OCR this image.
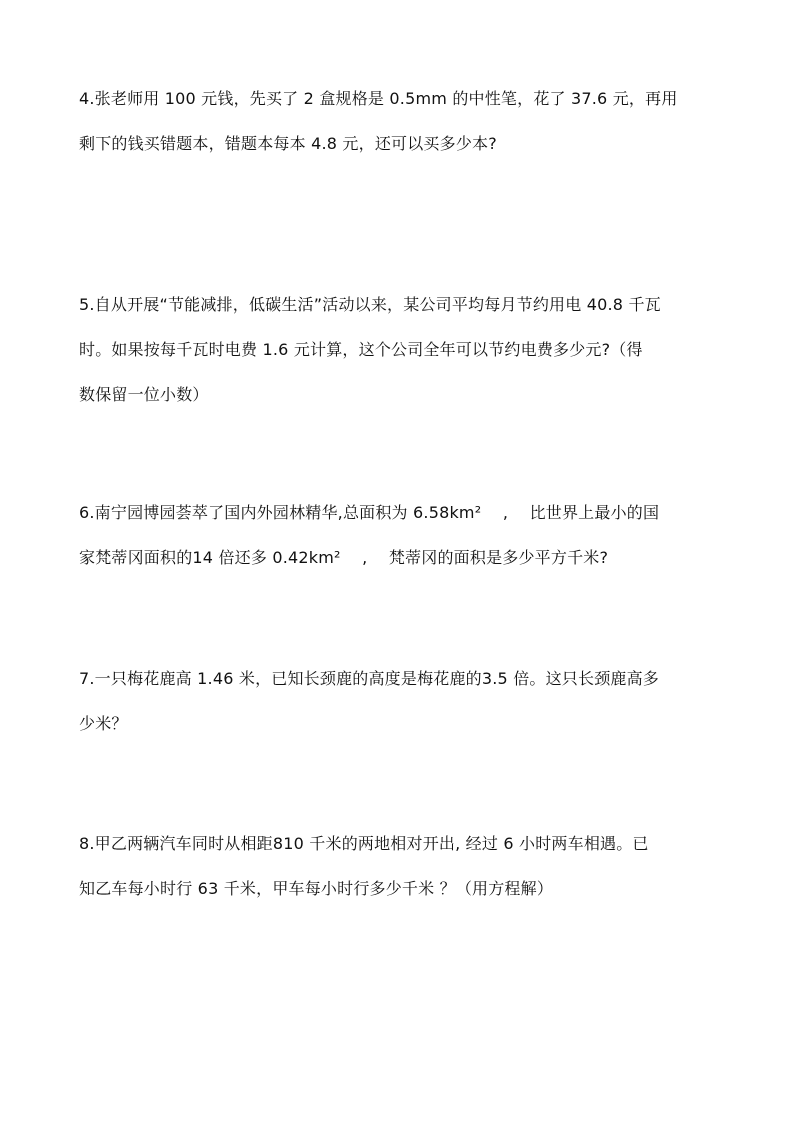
4.张老师用 100 元钱，先买了 2 盒规格是 0.5mm 的中性笔，花了 37.6 元，再用
剩下的钱买错题本，错题本每本 4.8 元，还可以买多少本?
5.自从开展“节能减排，低碳生活”活动以来，某公司平均每月节约用电 40.8 千瓦
时。如果按每千瓦时电费 1.6 元计算，这个公司全年可以节约电费多少元?（得
数保留一位小数）
6.南宁园博园荟萃了国内外园林精华,总面积为 6.58km²　 ,　 比世界上最小的国
家梵蒂冈面积的14 倍还多 0.42km²　 ,　 梵蒂冈的面积是多少平方千米?
7.一只梅花鹿高 1.46 米，已知长颈鹿的高度是梅花鹿的3.5 倍。这只长颈鹿高多
少米？
8.甲乙两辆汽车同时从相距810 千米的两地相对开出, 经过 6 小时两车相遇。已
知乙车每小时行 63 千米，甲车每小时行多少千米 ？（用方程解）
